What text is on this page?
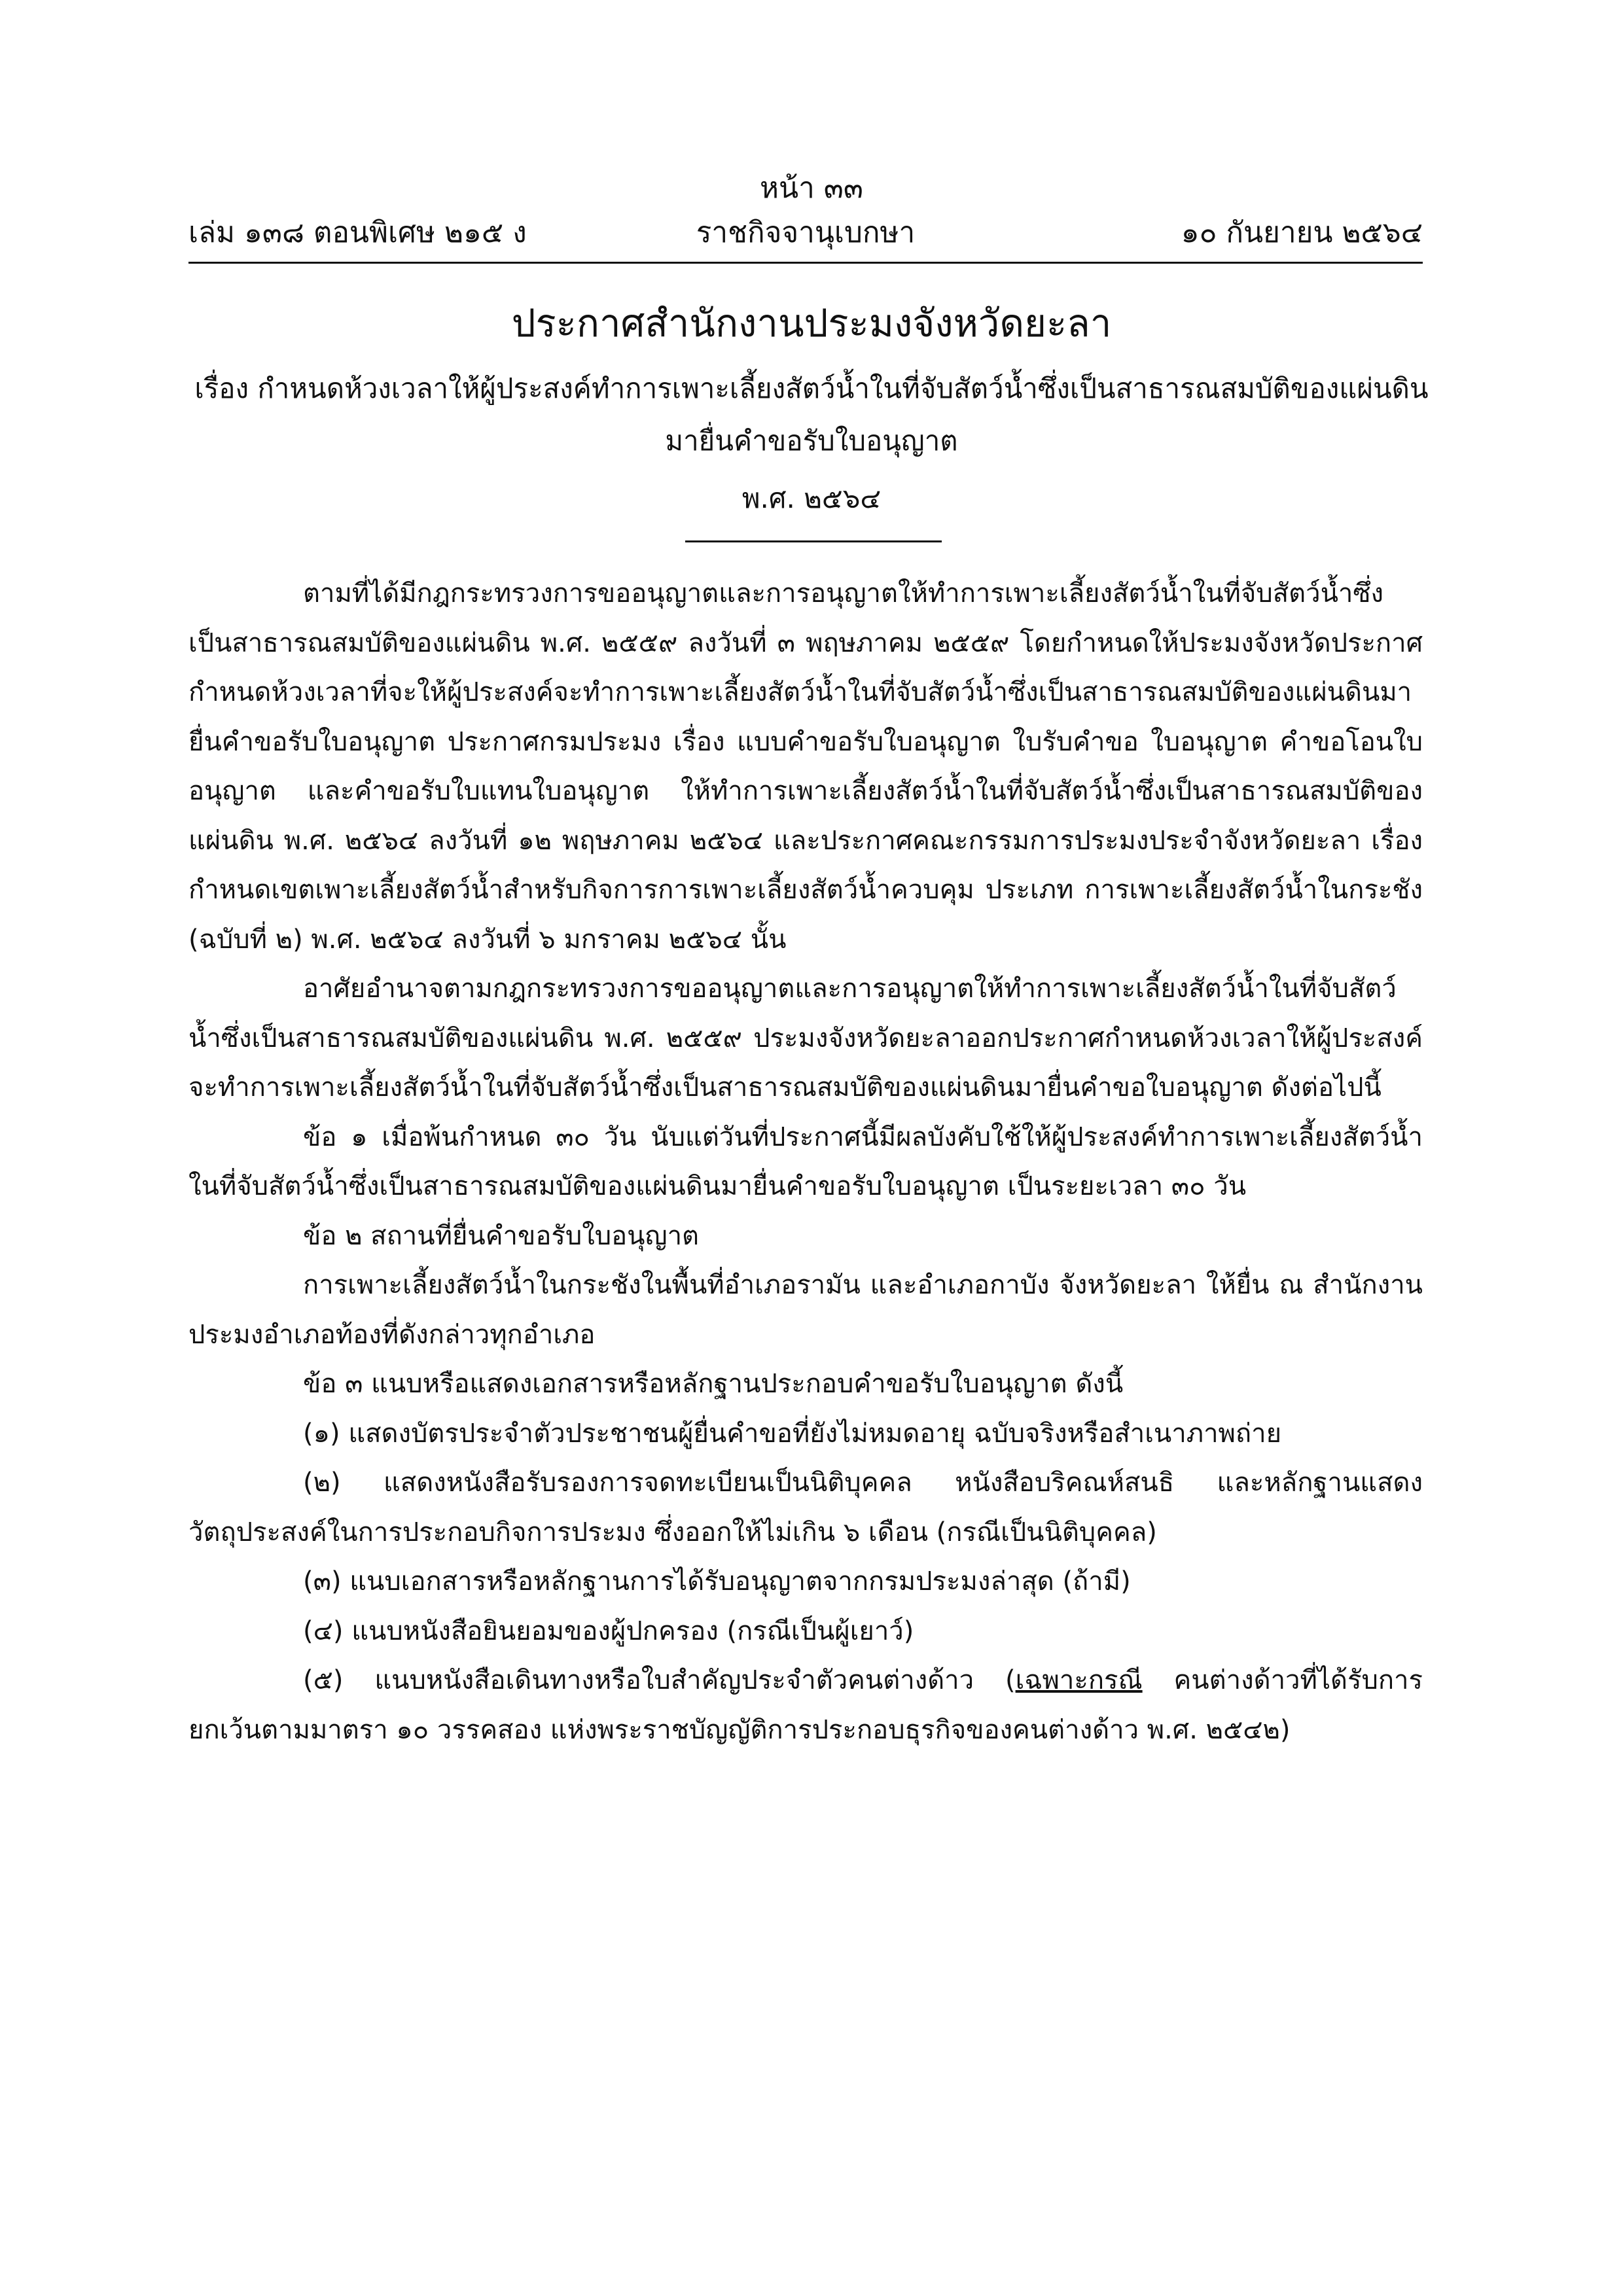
หน้า ๓๓
เล่ม ๑๓๘ ตอนพิเศษ ๒๑๕ ง	ราชกิจจานุเบกษา	๑๐ กันยายน ๒๕๖๔
ประกาศสำนักงานประมงจังหวัดยะลา
เรื่อง กำหนดห้วงเวลาให้ผู้ประสงค์ทำการเพาะเลี้ยงสัตว์น้ำในที่จับสัตว์น้ำซึ่งเป็นสาธารณสมบัติของแผ่นดิน
มายื่นคำขอรับใบอนุญาต
พ.ศ. ๒๕๖๔

ตามที่ได้มีกฎกระทรวงการขออนุญาตและการอนุญาตให้ทำการเพาะเลี้ยงสัตว์น้ำในที่จับสัตว์น้ำซึ่งเป็นสาธารณสมบัติของแผ่นดิน พ.ศ. ๒๕๕๙ ลงวันที่ ๓ พฤษภาคม ๒๕๕๙ โดยกำหนดให้ประมงจังหวัดประกาศกำหนดห้วงเวลาที่จะให้ผู้ประสงค์จะทำการเพาะเลี้ยงสัตว์น้ำในที่จับสัตว์น้ำซึ่งเป็นสาธารณสมบัติของแผ่นดินมายื่นคำขอรับใบอนุญาต ประกาศกรมประมง เรื่อง แบบคำขอรับใบอนุญาต ใบรับคำขอ ใบอนุญาต คำขอโอนใบอนุญาต และคำขอรับใบแทนใบอนุญาต ให้ทำการเพาะเลี้ยงสัตว์น้ำในที่จับสัตว์น้ำซึ่งเป็นสาธารณสมบัติของแผ่นดิน พ.ศ. ๒๕๖๔ ลงวันที่ ๑๒ พฤษภาคม ๒๕๖๔ และประกาศคณะกรรมการประมงประจำจังหวัดยะลา เรื่อง กำหนดเขตเพาะเลี้ยงสัตว์น้ำสำหรับกิจการการเพาะเลี้ยงสัตว์น้ำควบคุม ประเภท การเพาะเลี้ยงสัตว์น้ำในกระชัง (ฉบับที่ ๒) พ.ศ. ๒๕๖๔ ลงวันที่ ๖ มกราคม ๒๕๖๔ นั้น

อาศัยอำนาจตามกฎกระทรวงการขออนุญาตและการอนุญาตให้ทำการเพาะเลี้ยงสัตว์น้ำในที่จับสัตว์น้ำซึ่งเป็นสาธารณสมบัติของแผ่นดิน พ.ศ. ๒๕๕๙ ประมงจังหวัดยะลาออกประกาศกำหนดห้วงเวลาให้ผู้ประสงค์จะทำการเพาะเลี้ยงสัตว์น้ำในที่จับสัตว์น้ำซึ่งเป็นสาธารณสมบัติของแผ่นดินมายื่นคำขอใบอนุญาต ดังต่อไปนี้

ข้อ ๑ เมื่อพ้นกำหนด ๓๐ วัน นับแต่วันที่ประกาศนี้มีผลบังคับใช้ให้ผู้ประสงค์ทำการเพาะเลี้ยงสัตว์น้ำในที่จับสัตว์น้ำซึ่งเป็นสาธารณสมบัติของแผ่นดินมายื่นคำขอรับใบอนุญาต เป็นระยะเวลา ๓๐ วัน

ข้อ ๒ สถานที่ยื่นคำขอรับใบอนุญาต

การเพาะเลี้ยงสัตว์น้ำในกระชังในพื้นที่อำเภอรามัน และอำเภอกาบัง จังหวัดยะลา ให้ยื่น ณ สำนักงานประมงอำเภอท้องที่ดังกล่าวทุกอำเภอ

ข้อ ๓ แนบหรือแสดงเอกสารหรือหลักฐานประกอบคำขอรับใบอนุญาต ดังนี้

(๑) แสดงบัตรประจำตัวประชาชนผู้ยื่นคำขอที่ยังไม่หมดอายุ ฉบับจริงหรือสำเนาภาพถ่าย

(๒) แสดงหนังสือรับรองการจดทะเบียนเป็นนิติบุคคล หนังสือบริคณห์สนธิ และหลักฐานแสดงวัตถุประสงค์ในการประกอบกิจการประมง ซึ่งออกให้ไม่เกิน ๖ เดือน (กรณีเป็นนิติบุคคล)

(๓) แนบเอกสารหรือหลักฐานการได้รับอนุญาตจากกรมประมงล่าสุด (ถ้ามี)

(๔) แนบหนังสือยินยอมของผู้ปกครอง (กรณีเป็นผู้เยาว์)

(๕) แนบหนังสือเดินทางหรือใบสำคัญประจำตัวคนต่างด้าว (เฉพาะกรณี คนต่างด้าวที่ได้รับการยกเว้นตามมาตรา ๑๐ วรรคสอง แห่งพระราชบัญญัติการประกอบธุรกิจของคนต่างด้าว พ.ศ. ๒๕๔๒)
